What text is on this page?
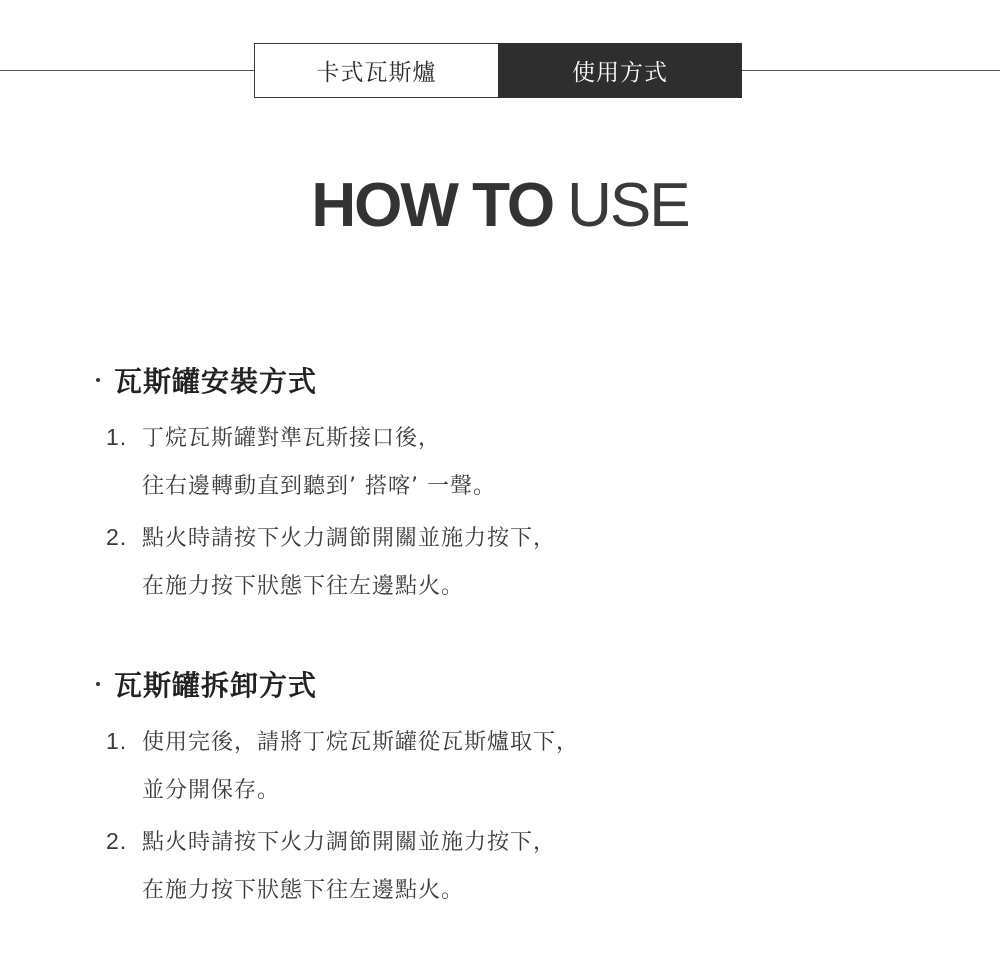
卡式瓦斯爐	使用方式
HOW TO USE
瓦斯罐安裝方式
1. 丁烷瓦斯罐對準瓦斯接口後，
往右邊轉動直到聽到’ 搭喀’ 一聲。
2. 點火時請按下火力調節開關並施力按下，
在施力按下狀態下往左邊點火。
瓦斯罐拆卸方式
1. 使用完後，請將丁烷瓦斯罐從瓦斯爐取下，
並分開保存。
2. 點火時請按下火力調節開關並施力按下，
在施力按下狀態下往左邊點火。
